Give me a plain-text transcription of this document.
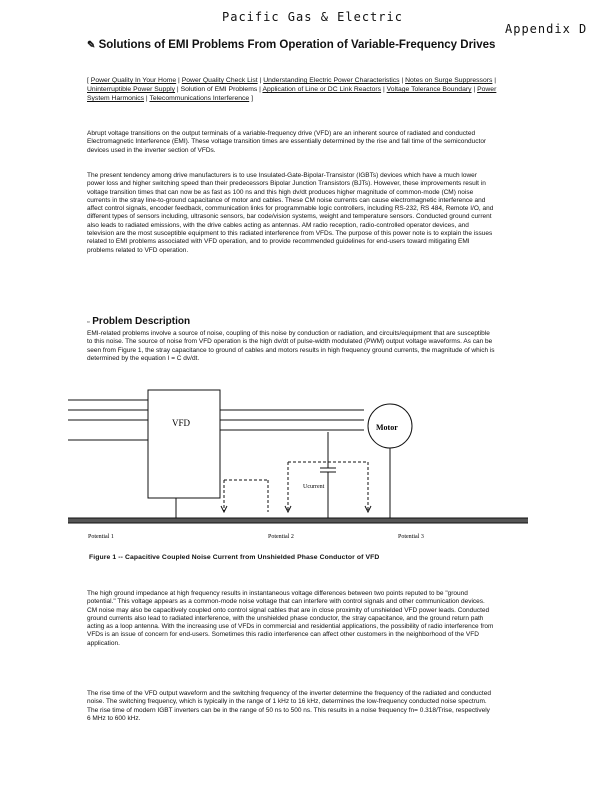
Pacific Gas & Electric
Appendix D
✎ Solutions of EMI Problems From Operation of Variable-Frequency Drives
[ Power Quality In Your Home | Power Quality Check List | Understanding Electric Power Characteristics | Notes on Surge Suppressors | Uninterruptible Power Supply | Solution of EMI Problems | Application of Line or DC Link Reactors | Voltage Tolerance Boundary | Power System Harmonics | Telecommunications Interference ]
Abrupt voltage transitions on the output terminals of a variable-frequency drive (VFD) are an inherent source of radiated and conducted Electromagnetic Interference (EMI). These voltage transition times are essentially determined by the rise and fall time of the semiconductor devices used in the inverter section of VFDs.
The present tendency among drive manufacturers is to use Insulated-Gate-Bipolar-Transistor (IGBTs) devices which have a much lower power loss and higher switching speed than their predecessors Bipolar Junction Transistors (BJTs). However, these improvements result in voltage transition times that can now be as fast as 100 ns and this high dv/dt produces higher magnitude of common-mode (CM) noise currents in the stray line-to-ground capacitance of motor and cables. These CM noise currents can cause electromagnetic interference and affect control signals, encoder feedback, communication links for programmable logic controllers, including RS-232, RS 484, Remote I/O, and different types of sensors including, ultrasonic sensors, bar code/vision systems, weight and temperature sensors. Conducted ground current also leads to radiated emissions, with the drive cables acting as antennas. AM radio reception, radio-controlled operator devices, and television are the most susceptible equipment to this radiated interference from VFDs. The purpose of this power note is to explain the issues related to EMI problems associated with VFD operation, and to provide recommended guidelines for end-users toward mitigating EMI problems related to VFD operation.
▫ Problem Description
EMI-related problems involve a source of noise, coupling of this noise by conduction or radiation, and circuits/equipment that are susceptible to this noise. The source of noise from VFD operation is the high dv/dt of pulse-width modulated (PWM) output voltage waveforms. As can be seen from Figure 1, the stray capacitance to ground of cables and motors results in high frequency ground currents, the magnitude of which is determined by the equation I = C dv/dt.
VFD	Motor
Ucurrent
Potential 1	Potential 2	Potential 3
Figure 1 -- Capacitive Coupled Noise Current from Unshielded Phase Conductor of VFD
The high ground impedance at high frequency results in instantaneous voltage differences between two points reputed to be "ground potential." This voltage appears as a common-mode noise voltage that can interfere with control signals and other communication devices. CM noise may also be capacitively coupled onto control signal cables that are in close proximity of unshielded VFD power leads. Conducted ground currents also lead to radiated interference, with the unshielded phase conductor, the stray capacitance, and the ground return path acting as a loop antenna. With the increasing use of VFDs in commercial and residential applications, the possibility of radio interference from VFDs is an issue of concern for end-users. Sometimes this radio interference can affect other customers in the neighborhood of the VFD application.
The rise time of the VFD output waveform and the switching frequency of the inverter determine the frequency of the radiated and conducted noise. The switching frequency, which is typically in the range of 1 kHz to 16 kHz, determines the low-frequency conducted noise spectrum. The rise time of modern IGBT inverters can be in the range of 50 ns to 500 ns. This results in a noise frequency fn= 0.318/Trise, respectively 6 MHz to 600 kHz.
